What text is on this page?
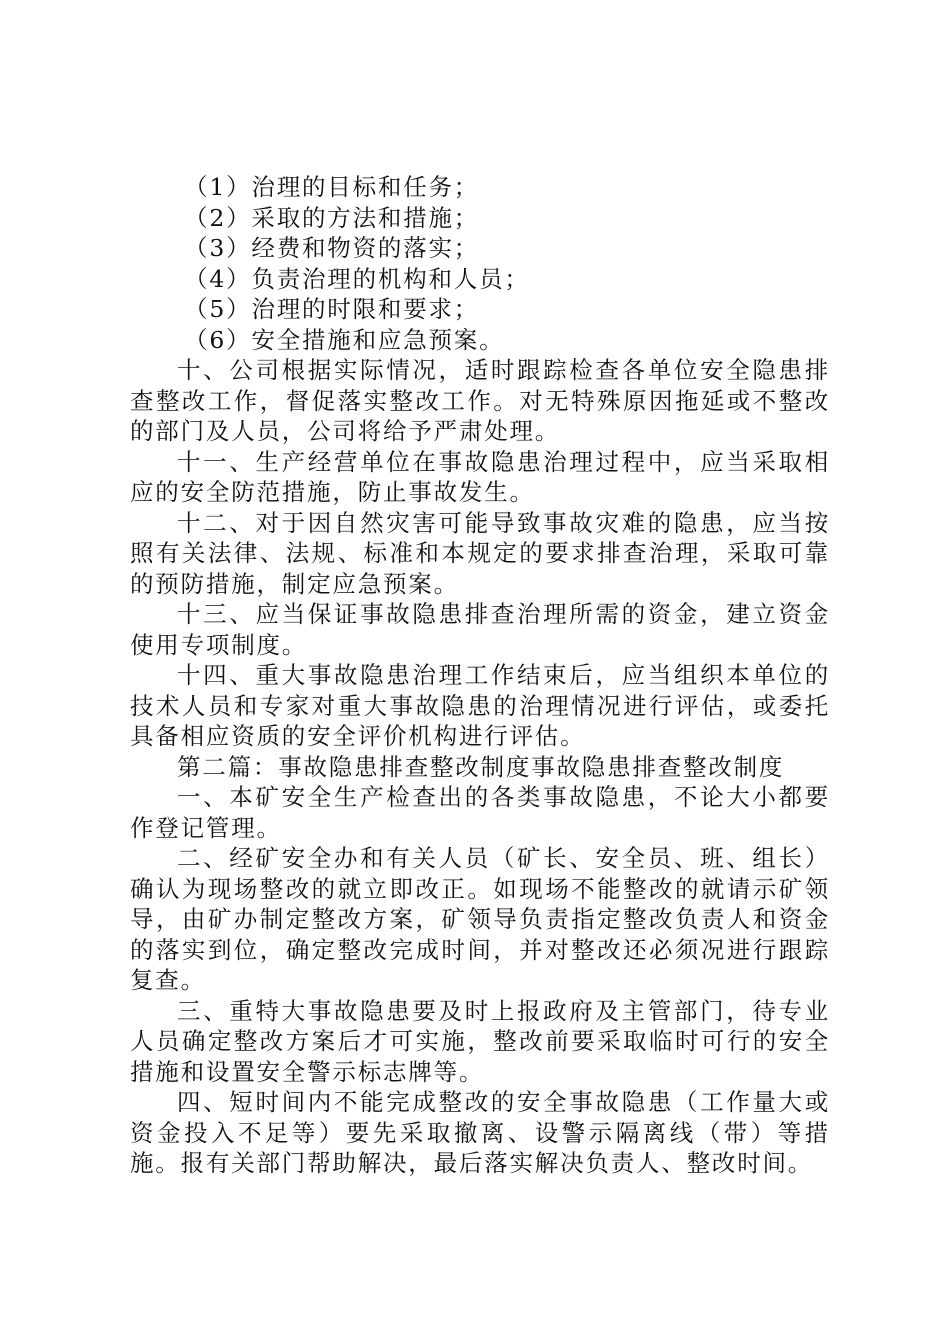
（1）治理的目标和任务；

（2）采取的方法和措施；

（3）经费和物资的落实；

（4）负责治理的机构和人员；

（5）治理的时限和要求；

（6）安全措施和应急预案。

十、公司根据实际情况，适时跟踪检查各单位安全隐患排查整改工作，督促落实整改工作。对无特殊原因拖延或不整改的部门及人员，公司将给予严肃处理。

十一、生产经营单位在事故隐患治理过程中，应当采取相应的安全防范措施，防止事故发生。

十二、对于因自然灾害可能导致事故灾难的隐患，应当按照有关法律、法规、标准和本规定的要求排查治理，采取可靠的预防措施，制定应急预案。

十三、应当保证事故隐患排查治理所需的资金，建立资金使用专项制度。

十四、重大事故隐患治理工作结束后，应当组织本单位的技术人员和专家对重大事故隐患的治理情况进行评估，或委托具备相应资质的安全评价机构进行评估。

第二篇：事故隐患排查整改制度事故隐患排查整改制度

一、本矿安全生产检查出的各类事故隐患，不论大小都要作登记管理。

二、经矿安全办和有关人员（矿长、安全员、班、组长）确认为现场整改的就立即改正。如现场不能整改的就请示矿领导，由矿办制定整改方案，矿领导负责指定整改负责人和资金的落实到位，确定整改完成时间，并对整改还必须况进行跟踪复查。

三、重特大事故隐患要及时上报政府及主管部门，待专业人员确定整改方案后才可实施，整改前要采取临时可行的安全措施和设置安全警示标志牌等。

四、短时间内不能完成整改的安全事故隐患（工作量大或资金投入不足等）要先采取撤离、设警示隔离线（带）等措施。报有关部门帮助解决，最后落实解决负责人、整改时间。
